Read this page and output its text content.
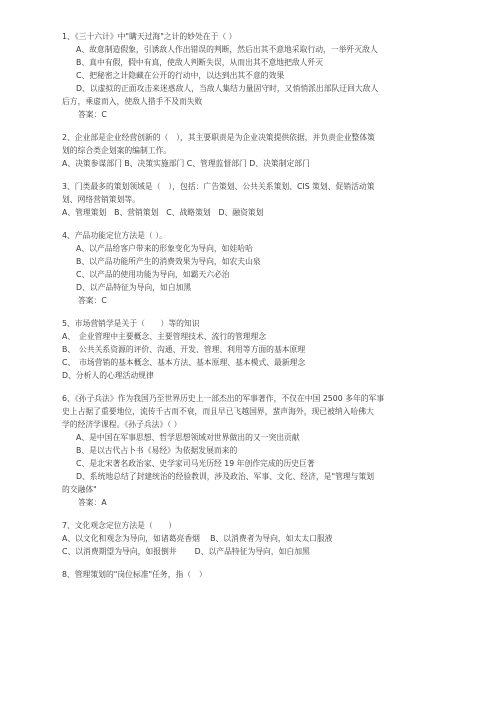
1、《三十六计》中"瞒天过海"之计的妙处在于（ ）
A、故意制造假象，引诱敌人作出错误的判断，然后出其不意地采取行动，一举歼灭敌人
B、真中有假，假中有真，使敌人判断失误，从而出其不意地把敌人歼灭
C、把秘密之计隐藏在公开的行动中，以达到出其不意的效果
D、以虚拟的正面攻击来迷惑敌人，当敌人集结力量固守时，又悄悄派出部队迂回大敌人
后方，乘虚而入，使敌人措手不及而失败
答案：C
2、企业部是企业经营创新的（　），其主要职责是为企业决策提供依据，并负责企业整体策
划的综合类企划案的编制工作。
A、决策参谋部门 B、决策实施部门 C、管理监督部门 D、决策制定部门
3、门类最多的策划领域是（　），包括：广告策划、公共关系策划、CIS 策划、促销活动策
划、网络营销策划等。
A、管理策划　B、营销策划　C、战略策划　D、融资策划
4、产品功能定位方法是（ ）。
A、以产品给客户带来的形象变化为导向，如娃哈哈
B、以产品功能所产生的消费效果为导向，如农夫山泉
C、以产品的使用功能为导向，如霸天六必治
D、以产品特征为导向，如白加黑
答案：C
5、市场营销学是关于（　　）等的知识
A、　企业管理中主要概念、主要管理技术、流行的管理理念
B、　公共关系资源的评价、沟通、开发、管理、利用等方面的基本原理
C、　市场营销的基本概念、基本方法、基本原理、基本模式、最新理念
D、分析人的心理活动规律
6、《孙子兵法》作为我国乃至世界历史上一部杰出的军事著作，不仅在中国 2500 多年的军事
史上占据了重要地位，流传千古而不衰，而且早已飞越国界，蜚声海外，现已被纳入哈佛大
学的经济学课程。《孙子兵法》（ ）
A、是中国在军事思想、哲学思想领域对世界做出的又一突出贡献
B、是以古代占卜书《易经》为依据发展而来的
C、是北宋著名政治家、史学家司马光历经 19 年创作完成的历史巨著
D、系统地总结了封建统治的经验教训，涉及政治、军事、文化、经济，是"管理与策划
的交融体"
答案：A
7、文化观念定位方法是（　　）
A、以文化和观念为导向，如诸葛亮香烟　 B、以消费者为导向，如太太口服液
C、以消费期望为导向，如报倒井　　 D、以产品特征为导向，如白加黑
8、管理策划的"岗位标准"任务，指（　）
